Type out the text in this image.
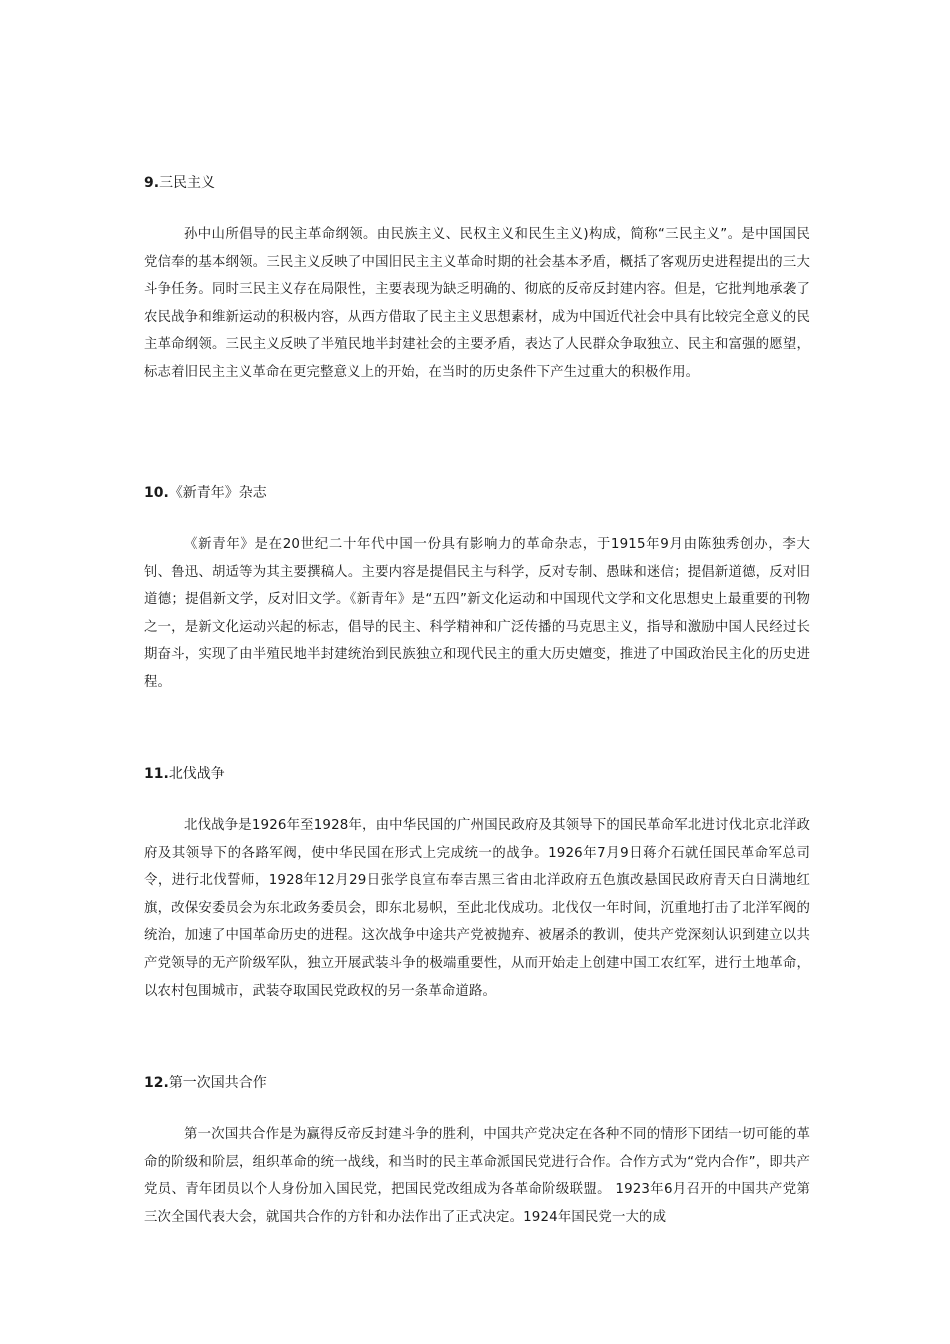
9.三民主义

孙中山所倡导的民主革命纲领。由民族主义、民权主义和民生主义)构成，简称“三民主义”。是中国国民党信奉的基本纲领。三民主义反映了中国旧民主主义革命时期的社会基本矛盾，概括了客观历史进程提出的三大斗争任务。同时三民主义存在局限性，主要表现为缺乏明确的、彻底的反帝反封建内容。但是，它批判地承袭了农民战争和维新运动的积极内容，从西方借取了民主主义思想素材，成为中国近代社会中具有比较完全意义的民主革命纲领。三民主义反映了半殖民地半封建社会的主要矛盾，表达了人民群众争取独立、民主和富强的愿望，标志着旧民主主义革命在更完整意义上的开始，在当时的历史条件下产生过重大的积极作用。

10.《新青年》杂志

《新青年》是在20世纪二十年代中国一份具有影响力的革命杂志，于1915年9月由陈独秀创办，李大钊、鲁迅、胡适等为其主要撰稿人。主要内容是提倡民主与科学，反对专制、愚昧和迷信；提倡新道德，反对旧道德；提倡新文学，反对旧文学。《新青年》是“五四”新文化运动和中国现代文学和文化思想史上最重要的刊物之一，是新文化运动兴起的标志，倡导的民主、科学精神和广泛传播的马克思主义，指导和激励中国人民经过长期奋斗，实现了由半殖民地半封建统治到民族独立和现代民主的重大历史嬗变，推进了中国政治民主化的历史进程。

11.北伐战争

北伐战争是1926年至1928年，由中华民国的广州国民政府及其领导下的国民革命军北进讨伐北京北洋政府及其领导下的各路军阀，使中华民国在形式上完成统一的战争。1926年7月9日蒋介石就任国民革命军总司令，进行北伐誓师，1928年12月29日张学良宣布奉吉黑三省由北洋政府五色旗改悬国民政府青天白日满地红旗，改保安委员会为东北政务委员会，即东北易帜，至此北伐成功。北伐仅一年时间，沉重地打击了北洋军阀的统治，加速了中国革命历史的进程。这次战争中途共产党被抛弃、被屠杀的教训，使共产党深刻认识到建立以共产党领导的无产阶级军队，独立开展武装斗争的极端重要性，从而开始走上创建中国工农红军，进行土地革命，以农村包围城市，武装夺取国民党政权的另一条革命道路。

12.第一次国共合作

第一次国共合作是为赢得反帝反封建斗争的胜利，中国共产党决定在各种不同的情形下团结一切可能的革命的阶级和阶层，组织革命的统一战线，和当时的民主革命派国民党进行合作。合作方式为“党内合作”，即共产党员、青年团员以个人身份加入国民党，把国民党改组成为各革命阶级联盟。 1923年6月召开的中国共产党第三次全国代表大会，就国共合作的方针和办法作出了正式决定。1924年国民党一大的成
